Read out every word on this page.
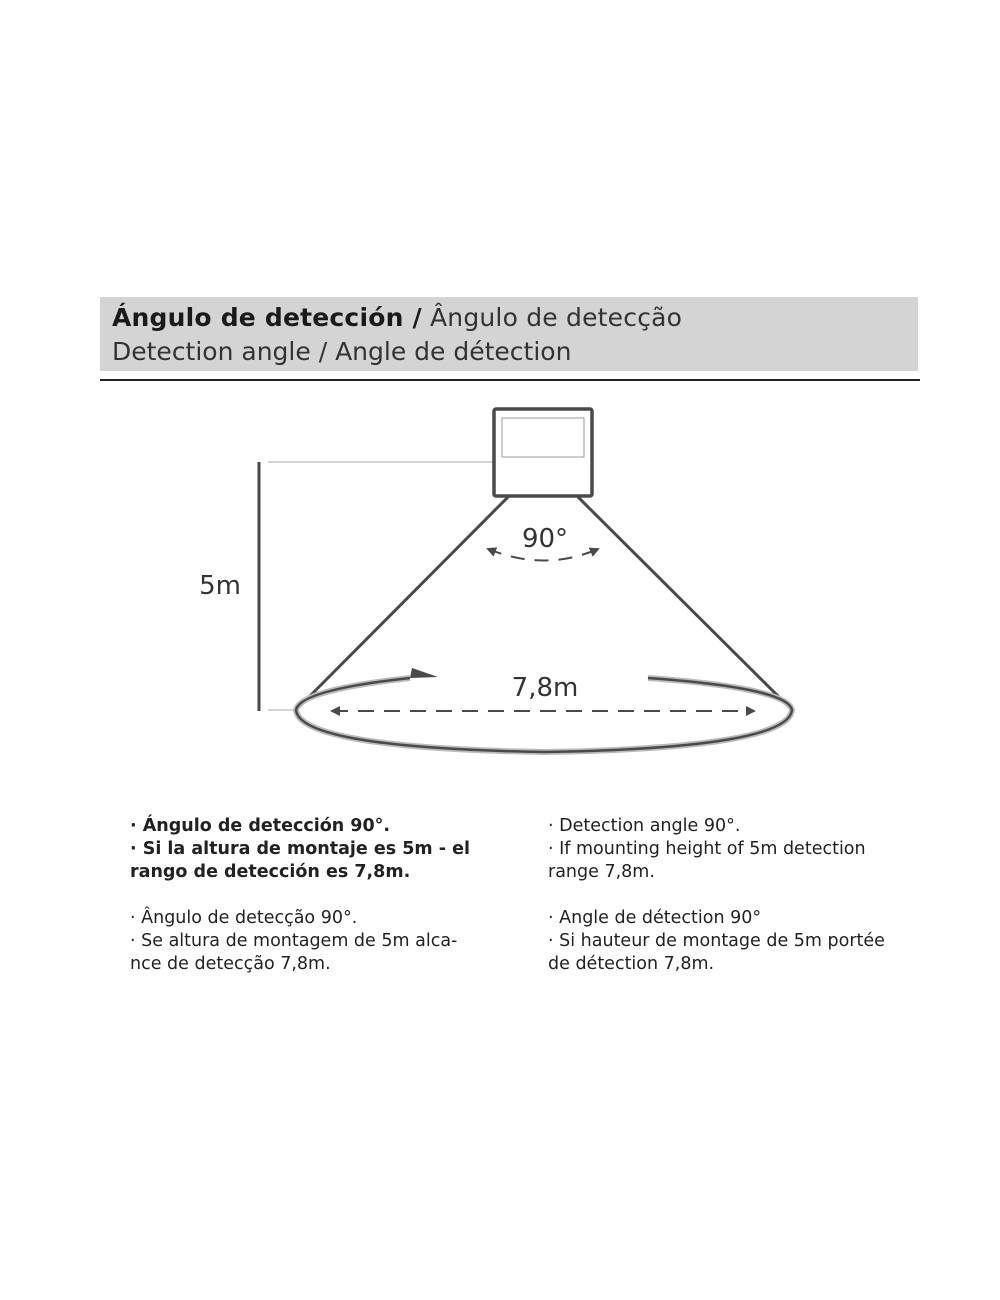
Ángulo de detección / Ângulo de detecção
Detection angle / Angle de détection
5m
90°
7,8m

· Ángulo de detección 90°.

· Si la altura de montaje es 5m - el

rango de detección es 7,8m.

· Ângulo de detecção 90°.

· Se altura de montagem de 5m alca-

nce de detecção 7,8m.

· Detection angle 90°.

· If mounting height of 5m detection

range 7,8m.

· Angle de détection 90°

· Si hauteur de montage de 5m portée

de détection 7,8m.
